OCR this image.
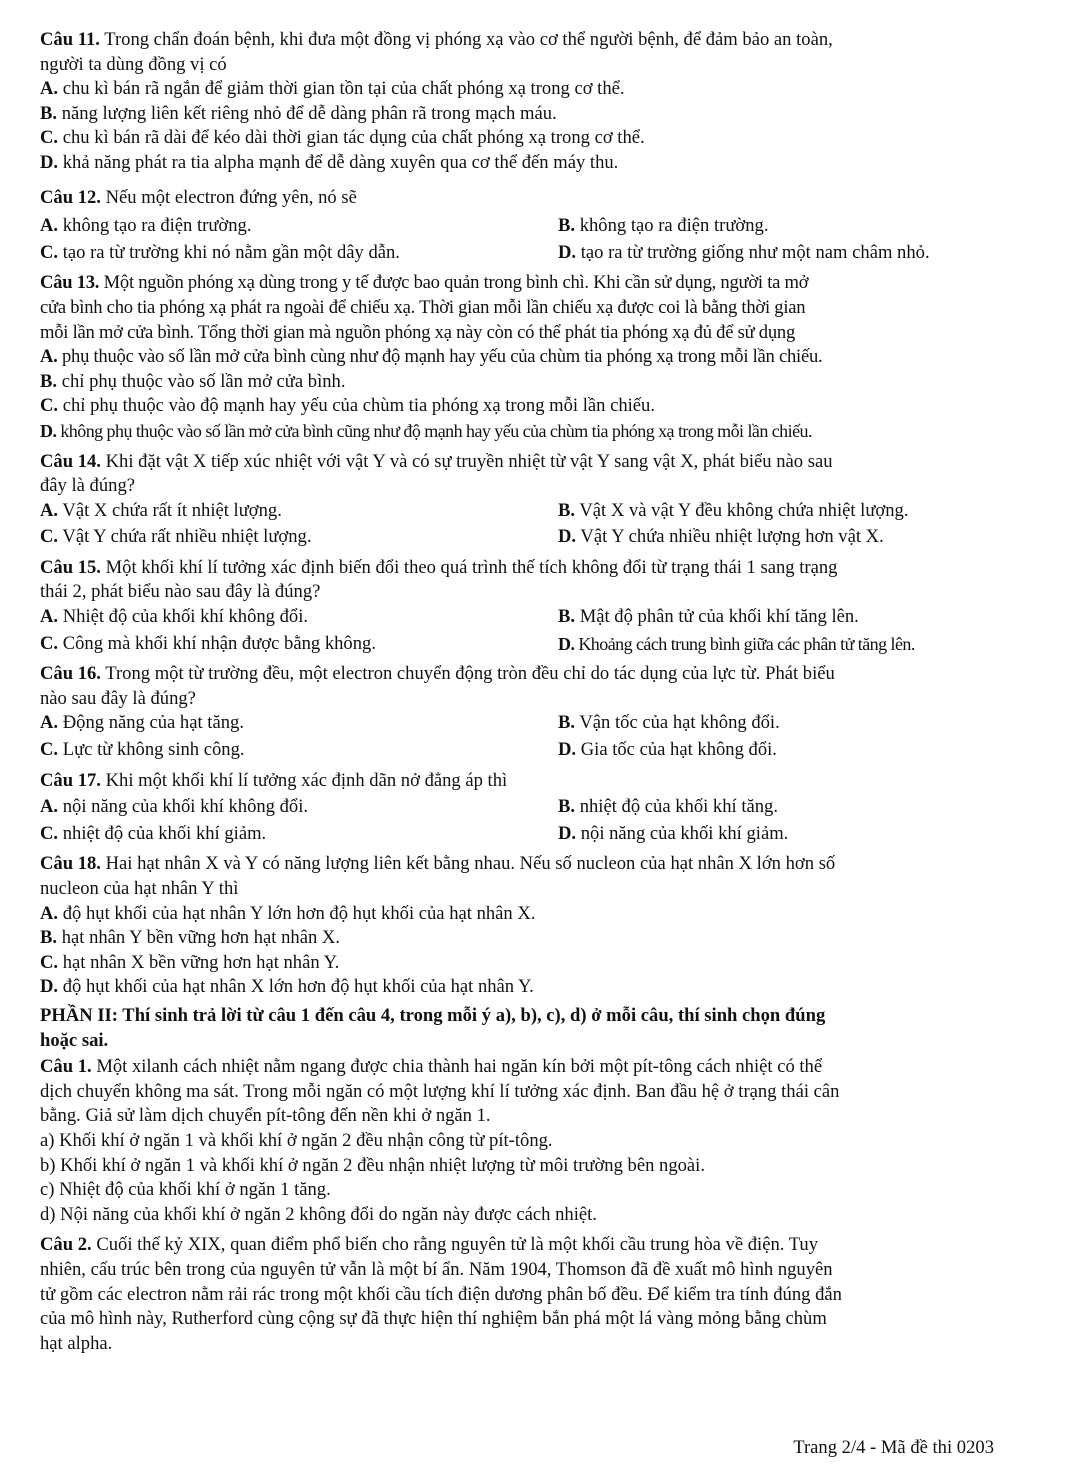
Câu 11. Trong chẩn đoán bệnh, khi đưa một đồng vị phóng xạ vào cơ thể người bệnh, để đảm bảo an toàn,

người ta dùng đồng vị có

A. chu kì bán rã ngắn để giảm thời gian tồn tại của chất phóng xạ trong cơ thể.

B. năng lượng liên kết riêng nhỏ để dễ dàng phân rã trong mạch máu.

C. chu kì bán rã dài để kéo dài thời gian tác dụng của chất phóng xạ trong cơ thể.

D. khả năng phát ra tia alpha mạnh để dễ dàng xuyên qua cơ thể đến máy thu.

Câu 12. Nếu một electron đứng yên, nó sẽ

A. không tạo ra điện trường.	B. không tạo ra điện trường.

C. tạo ra từ trường khi nó nằm gần một dây dẫn.	D. tạo ra từ trường giống như một nam châm nhỏ.

Câu 13. Một nguồn phóng xạ dùng trong y tế được bao quản trong bình chì. Khi cần sử dụng, người ta mở

cửa bình cho tia phóng xạ phát ra ngoài để chiếu xạ. Thời gian mỗi lần chiếu xạ được coi là bằng thời gian

mỗi lần mở cửa bình. Tổng thời gian mà nguồn phóng xạ này còn có thể phát tia phóng xạ đủ để sử dụng

A. phụ thuộc vào số lần mở cửa bình cùng như độ mạnh hay yếu của chùm tia phóng xạ trong mỗi lần chiếu.

B. chỉ phụ thuộc vào số lần mở cửa bình.

C. chỉ phụ thuộc vào độ mạnh hay yếu của chùm tia phóng xạ trong mỗi lần chiếu.

D. không phụ thuộc vào số lần mở cửa bình cũng như độ mạnh hay yếu của chùm tia phóng xạ trong mỗi lần chiếu.

Câu 14. Khi đặt vật X tiếp xúc nhiệt với vật Y và có sự truyền nhiệt từ vật Y sang vật X, phát biểu nào sau

đây là đúng?

A. Vật X chứa rất ít nhiệt lượng.	B. Vật X và vật Y đều không chứa nhiệt lượng.

C. Vật Y chứa rất nhiều nhiệt lượng.	D. Vật Y chứa nhiều nhiệt lượng hơn vật X.

Câu 15. Một khối khí lí tưởng xác định biến đổi theo quá trình thế tích không đổi từ trạng thái 1 sang trạng

thái 2, phát biểu nào sau đây là đúng?

A. Nhiệt độ của khối khí không đổi.	B. Mật độ phân tử của khối khí tăng lên.

C. Công mà khối khí nhận được bằng không.	D. Khoảng cách trung bình giữa các phân tử tăng lên.

Câu 16. Trong một từ trường đều, một electron chuyển động tròn đều chỉ do tác dụng của lực từ. Phát biểu

nào sau đây là đúng?

A. Động năng của hạt tăng.	B. Vận tốc của hạt không đổi.

C. Lực từ không sinh công.	D. Gia tốc của hạt không đổi.

Câu 17. Khi một khối khí lí tưởng xác định dãn nở đẳng áp thì

A. nội năng của khối khí không đổi.	B. nhiệt độ của khối khí tăng.

C. nhiệt độ của khối khí giảm.	D. nội năng của khối khí giảm.

Câu 18. Hai hạt nhân X và Y có năng lượng liên kết bằng nhau. Nếu số nucleon của hạt nhân X lớn hơn số

nucleon của hạt nhân Y thì

A. độ hụt khối của hạt nhân Y lớn hơn độ hụt khối của hạt nhân X.

B. hạt nhân Y bền vững hơn hạt nhân X.

C. hạt nhân X bền vững hơn hạt nhân Y.

D. độ hụt khối của hạt nhân X lớn hơn độ hụt khối của hạt nhân Y.

PHẦN II: Thí sinh trả lời từ câu 1 đến câu 4, trong mỗi ý a), b), c), d) ở mỗi câu, thí sinh chọn đúng

hoặc sai.

Câu 1. Một xilanh cách nhiệt nằm ngang được chia thành hai ngăn kín bởi một pít-tông cách nhiệt có thể

dịch chuyển không ma sát. Trong mỗi ngăn có một lượng khí lí tưởng xác định. Ban đầu hệ ở trạng thái cân

bằng. Giả sử làm dịch chuyển pít-tông đến nền khi ở ngăn 1.

a) Khối khí ở ngăn 1 và khối khí ở ngăn 2 đều nhận công từ pít-tông.

b) Khối khí ở ngăn 1 và khối khí ở ngăn 2 đều nhận nhiệt lượng từ môi trường bên ngoài.

c) Nhiệt độ của khối khí ở ngăn 1 tăng.

d) Nội năng của khối khí ở ngăn 2 không đổi do ngăn này được cách nhiệt.

Câu 2. Cuối thế kỷ XIX, quan điểm phổ biến cho rằng nguyên tử là một khối cầu trung hòa về điện. Tuy

nhiên, cấu trúc bên trong của nguyên tử vẫn là một bí ẩn. Năm 1904, Thomson đã đề xuất mô hình nguyên

tử gồm các electron nằm rải rác trong một khối cầu tích điện dương phân bố đều. Để kiểm tra tính đúng đắn

của mô hình này, Rutherford cùng cộng sự đã thực hiện thí nghiệm bắn phá một lá vàng mỏng bằng chùm

hạt alpha.

Trang 2/4 - Mã đề thi 0203
